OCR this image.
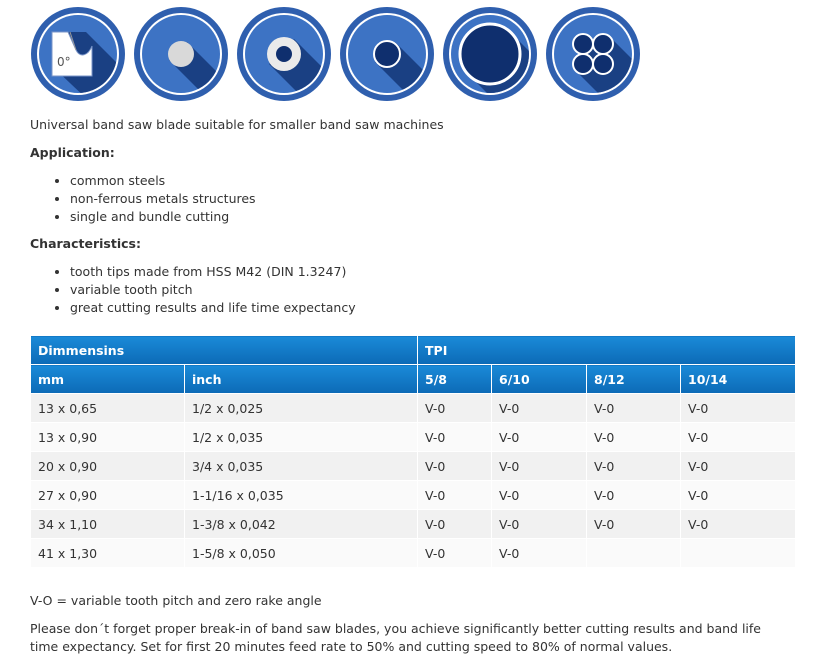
0°

Universal band saw blade suitable for smaller band saw machines

Application:

• common steels
• non-ferrous metals structures
• single and bundle cutting

Characteristics:

• tooth tips made from HSS M42 (DIN 1.3247)
• variable tooth pitch
• great cutting results and life time expectancy
Dimmensins		TPI			
mm	inch	5/8	6/10	8/12	10/14
13 x 0,65	1/2 x 0,025	V-0	V-0	V-0	V-0
13 x 0,90	1/2 x 0,035	V-0	V-0	V-0	V-0
20 x 0,90	3/4 x 0,035	V-0	V-0	V-0	V-0
27 x 0,90	1-1/16 x 0,035	V-0	V-0	V-0	V-0
34 x 1,10	1-3/8 x 0,042	V-0	V-0	V-0	V-0
41 x 1,30	1-5/8 x 0,050	V-0	V-0		

V-O = variable tooth pitch and zero rake angle

Please don´t forget proper break-in of band saw blades, you achieve significantly better cutting results and band life time expectancy. Set for first 20 minutes feed rate to 50% and cutting speed to 80% of normal values.
